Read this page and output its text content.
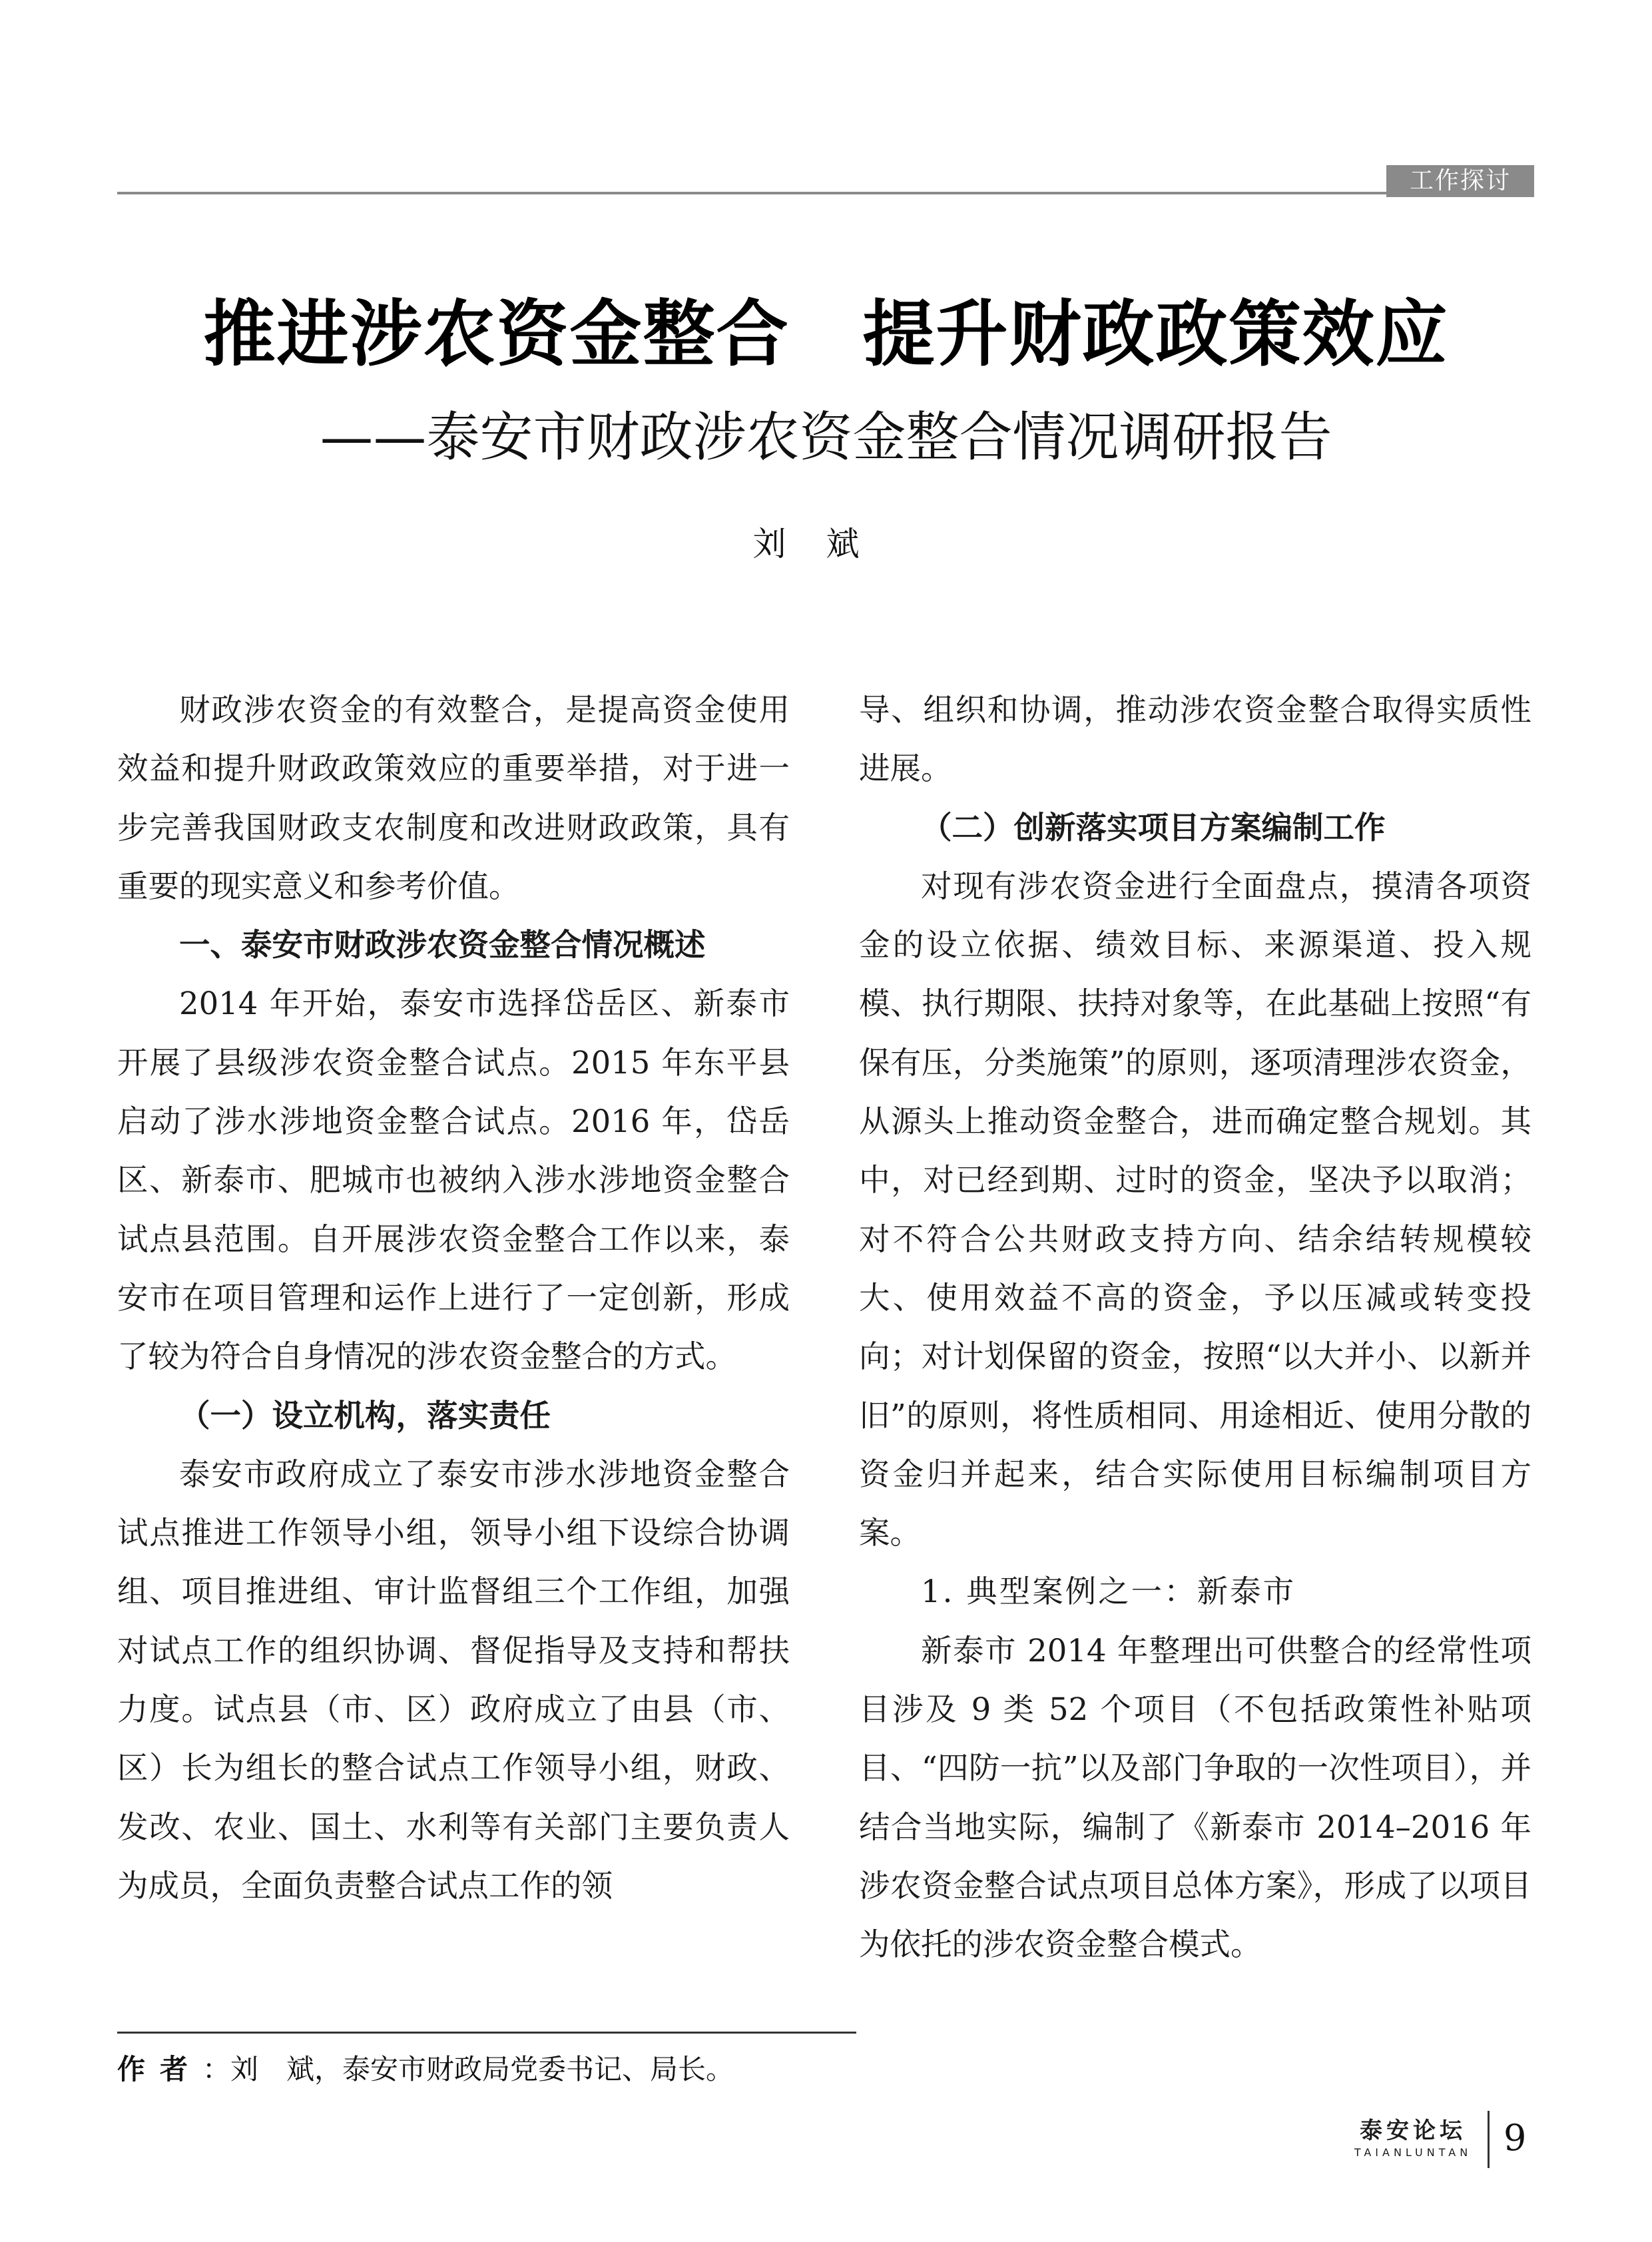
工作探讨
推进涉农资金整合　提升财政政策效应
——泰安市财政涉农资金整合情况调研报告
刘斌

财政涉农资金的有效整合，是提高资金使用效益和提升财政政策效应的重要举措，对于进一步完善我国财政支农制度和改进财政政策，具有重要的现实意义和参考价值。

一、泰安市财政涉农资金整合情况概述

2014 年开始，泰安市选择岱岳区、新泰市开展了县级涉农资金整合试点。2015 年东平县启动了涉水涉地资金整合试点。2016 年，岱岳区、新泰市、肥城市也被纳入涉水涉地资金整合试点县范围。自开展涉农资金整合工作以来，泰安市在项目管理和运作上进行了一定创新，形成了较为符合自身情况的涉农资金整合的方式。

（一）设立机构，落实责任

泰安市政府成立了泰安市涉水涉地资金整合试点推进工作领导小组，领导小组下设综合协调组、项目推进组、审计监督组三个工作组，加强对试点工作的组织协调、督促指导及支持和帮扶力度。试点县（市、区）政府成立了由县（市、区）长为组长的整合试点工作领导小组，财政、发改、农业、国土、水利等有关部门主要负责人为成员，全面负责整合试点工作的领

导、组织和协调，推动涉农资金整合取得实质性进展。

（二）创新落实项目方案编制工作

对现有涉农资金进行全面盘点，摸清各项资金的设立依据、绩效目标、来源渠道、投入规模、执行期限、扶持对象等，在此基础上按照“有保有压，分类施策”的原则，逐项清理涉农资金，从源头上推动资金整合，进而确定整合规划。其中，对已经到期、过时的资金，坚决予以取消；对不符合公共财政支持方向、结余结转规模较大、使用效益不高的资金，予以压减或转变投向；对计划保留的资金，按照“以大并小、以新并旧”的原则，将性质相同、用途相近、使用分散的资金归并起来，结合实际使用目标编制项目方案。

1. 典型案例之一：新泰市

新泰市 2014 年整理出可供整合的经常性项目涉及 9 类 52 个项目（不包括政策性补贴项目、“四防一抗”以及部门争取的一次性项目），并结合当地实际，编制了《新泰市 2014–2016 年涉农资金整合试点项目总体方案》，形成了以项目为依托的涉农资金整合模式。

作者：刘　斌，泰安市财政局党委书记、局长。
泰安论坛
TAIANLUNTAN 9
